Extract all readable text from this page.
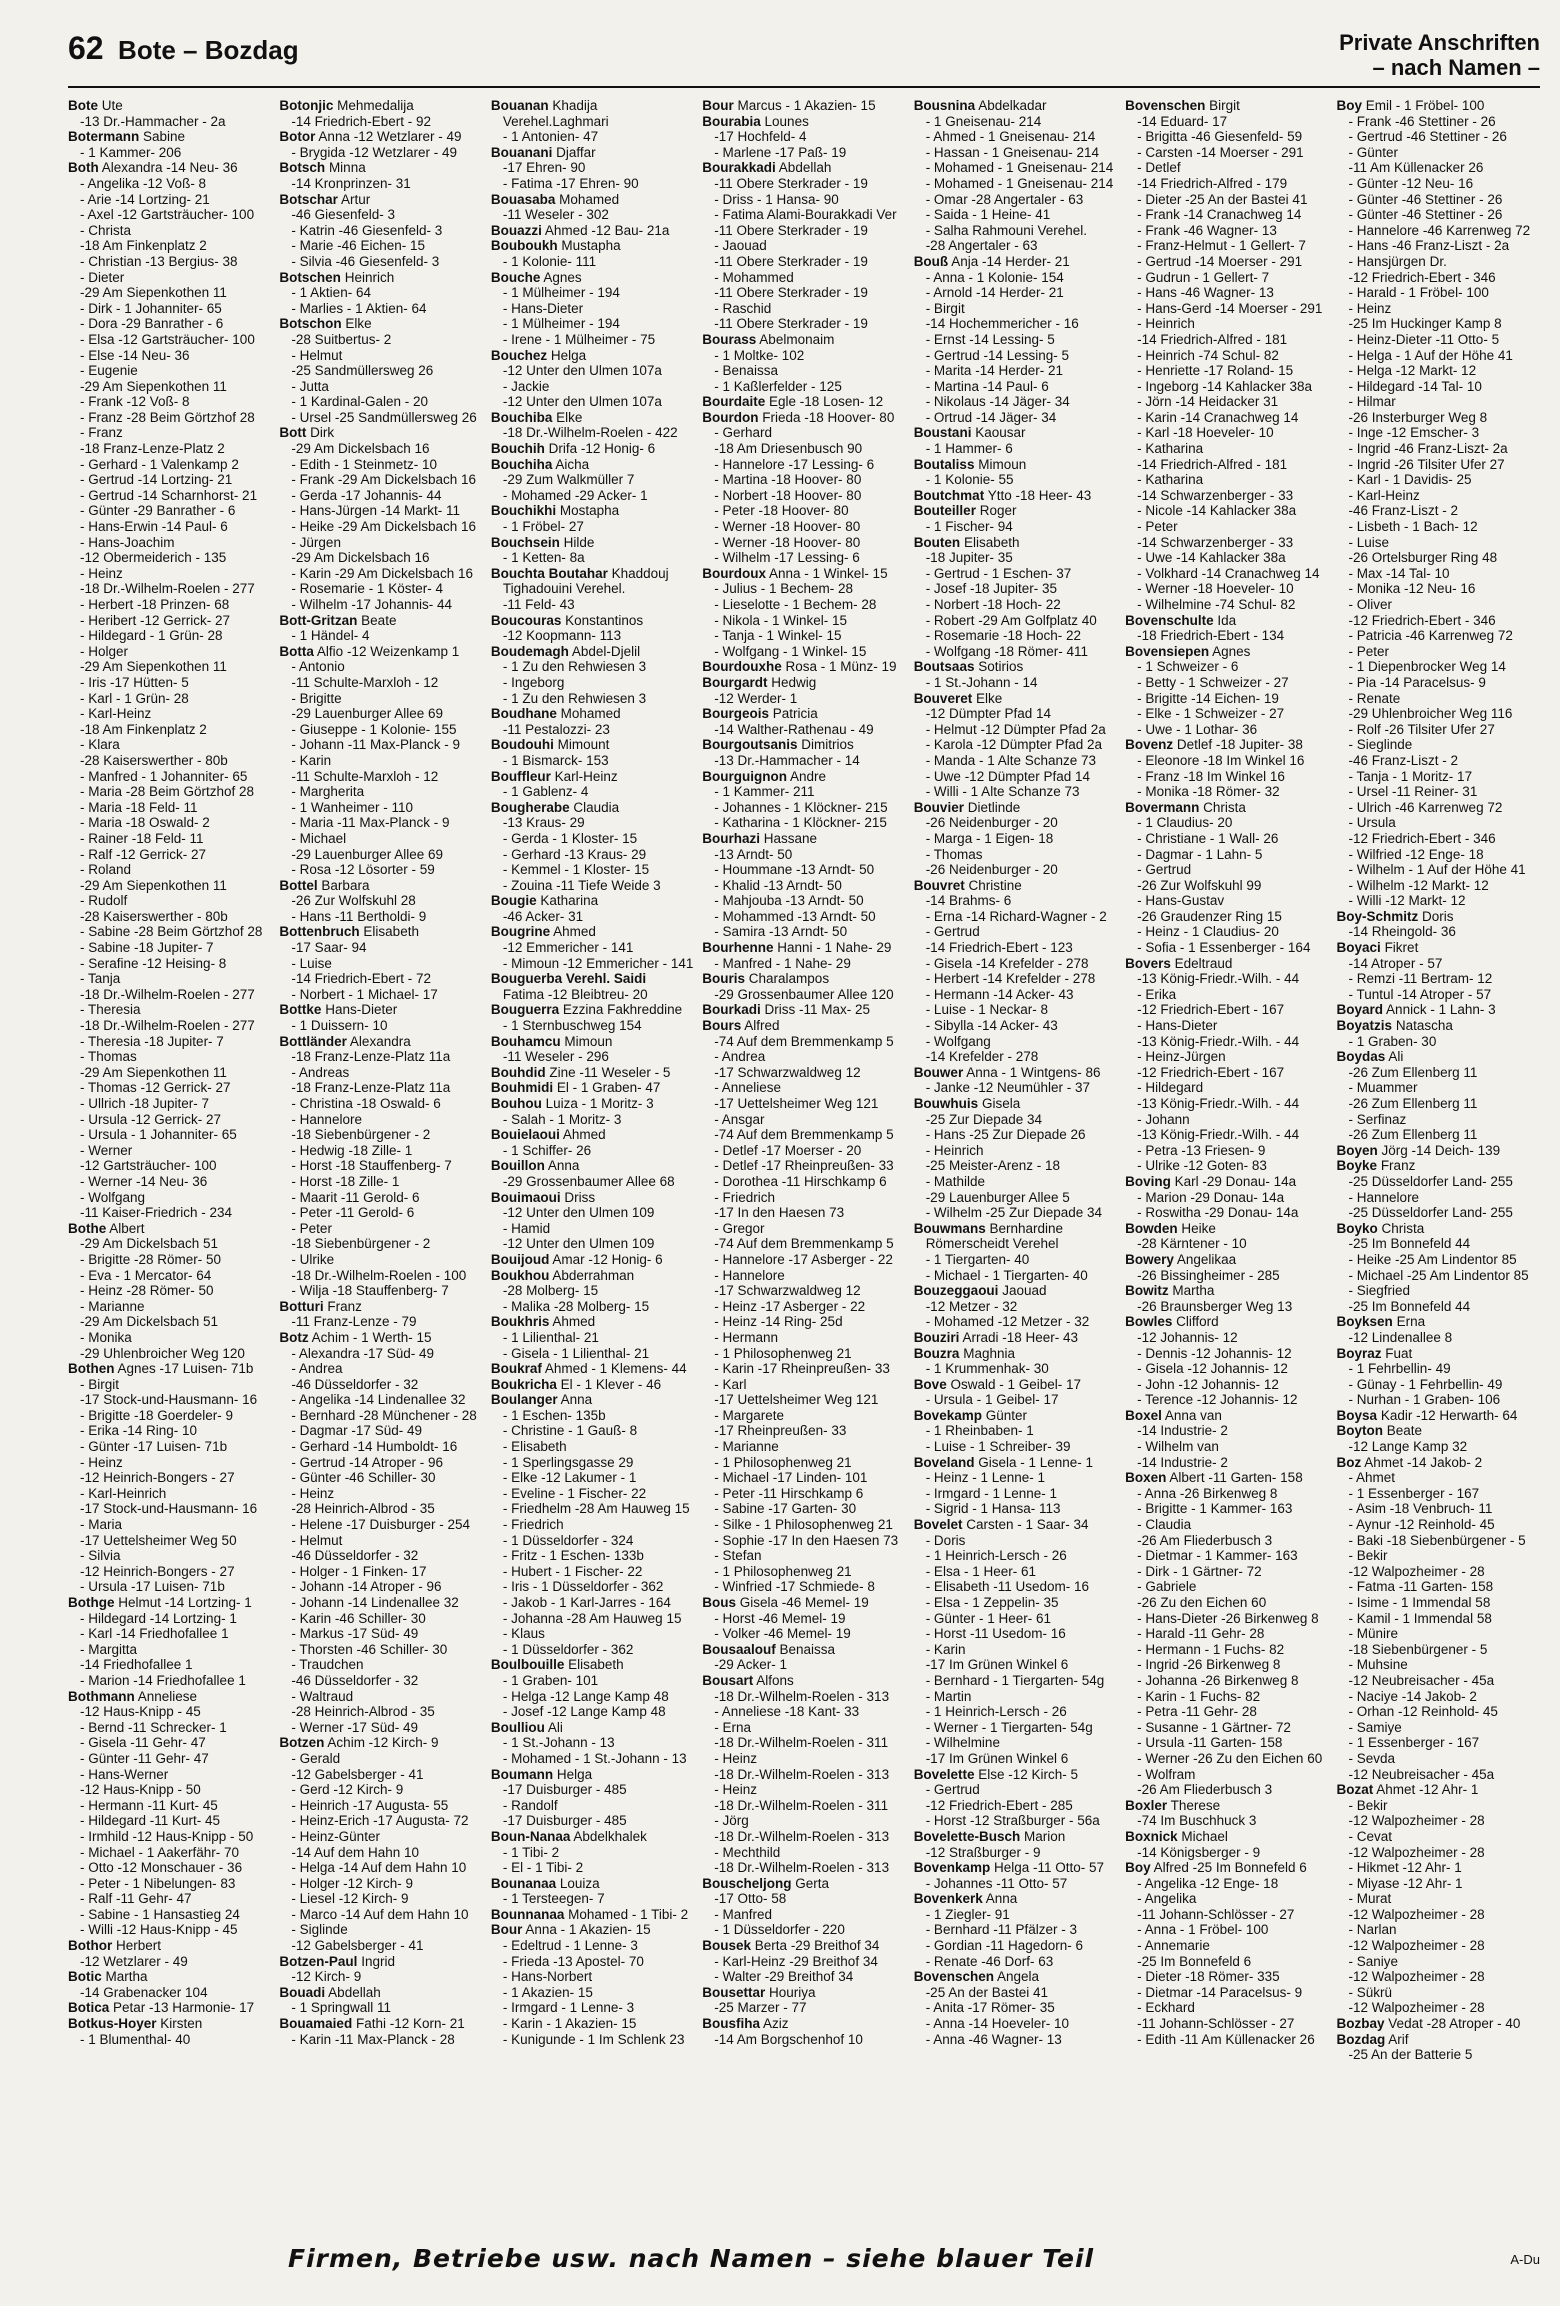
62 Bote – Bozdag	Private Anschriften
– nach Namen –
Bote Ute
-13 Dr.-Hammacher - 2a
Botermann Sabine
- 1 Kammer- 206
Both Alexandra -14 Neu- 36
- Angelika -12 Voß- 8
- Arie -14 Lortzing- 21
- Axel -12 Gartsträucher- 100
- Christa
-18 Am Finkenplatz 2
- Christian -13 Bergius- 38
- Dieter
-29 Am Siepenkothen 11
- Dirk - 1 Johanniter- 65
- Dora -29 Banrather - 6
- Elsa -12 Gartsträucher- 100
- Else -14 Neu- 36
- Eugenie
-29 Am Siepenkothen 11
- Frank -12 Voß- 8
- Franz -28 Beim Görtzhof 28
- Franz
-18 Franz-Lenze-Platz 2
- Gerhard - 1 Valenkamp 2
- Gertrud -14 Lortzing- 21
- Gertrud -14 Scharnhorst- 21
- Günter -29 Banrather - 6
- Hans-Erwin -14 Paul- 6
- Hans-Joachim
-12 Obermeiderich - 135
- Heinz
-18 Dr.-Wilhelm-Roelen - 277
- Herbert -18 Prinzen- 68
- Heribert -12 Gerrick- 27
- Hildegard - 1 Grün- 28
- Holger
-29 Am Siepenkothen 11
- Iris -17 Hütten- 5
- Karl - 1 Grün- 28
- Karl-Heinz
-18 Am Finkenplatz 2
- Klara
-28 Kaiserswerther - 80b
- Manfred - 1 Johanniter- 65
- Maria -28 Beim Görtzhof 28
- Maria -18 Feld- 11
- Maria -18 Oswald- 2
- Rainer -18 Feld- 11
- Ralf -12 Gerrick- 27
- Roland
-29 Am Siepenkothen 11
- Rudolf
-28 Kaiserswerther - 80b
- Sabine -28 Beim Görtzhof 28
- Sabine -18 Jupiter- 7
- Serafine -12 Heising- 8
- Tanja
-18 Dr.-Wilhelm-Roelen - 277
- Theresia
-18 Dr.-Wilhelm-Roelen - 277
- Theresia -18 Jupiter- 7
- Thomas
-29 Am Siepenkothen 11
- Thomas -12 Gerrick- 27
- Ullrich -18 Jupiter- 7
- Ursula -12 Gerrick- 27
- Ursula - 1 Johanniter- 65
- Werner
-12 Gartsträucher- 100
- Werner -14 Neu- 36
- Wolfgang
-11 Kaiser-Friedrich - 234
Bothe Albert
-29 Am Dickelsbach 51
- Brigitte -28 Römer- 50
- Eva - 1 Mercator- 64
- Heinz -28 Römer- 50
- Marianne
-29 Am Dickelsbach 51
- Monika
-29 Uhlenbroicher Weg 120
Bothen Agnes -17 Luisen- 71b
- Birgit
-17 Stock-und-Hausmann- 16
- Brigitte -18 Goerdeler- 9
- Erika -14 Ring- 10
- Günter -17 Luisen- 71b
- Heinz
-12 Heinrich-Bongers - 27
- Karl-Heinrich
-17 Stock-und-Hausmann- 16
- Maria
-17 Uettelsheimer Weg 50
- Silvia
-12 Heinrich-Bongers - 27
- Ursula -17 Luisen- 71b
Bothge Helmut -14 Lortzing- 1
- Hildegard -14 Lortzing- 1
- Karl -14 Friedhofallee 1
- Margitta
-14 Friedhofallee 1
- Marion -14 Friedhofallee 1
Bothmann Anneliese
-12 Haus-Knipp - 45
- Bernd -11 Schrecker- 1
- Gisela -11 Gehr- 47
- Günter -11 Gehr- 47
- Hans-Werner
-12 Haus-Knipp - 50
- Hermann -11 Kurt- 45
- Hildegard -11 Kurt- 45
- Irmhild -12 Haus-Knipp - 50
- Michael - 1 Aakerfähr- 70
- Otto -12 Monschauer - 36
- Peter - 1 Nibelungen- 83
- Ralf -11 Gehr- 47
- Sabine - 1 Hansastieg 24
- Willi -12 Haus-Knipp - 45
Bothor Herbert
-12 Wetzlarer - 49
Botic Martha
-14 Grabenacker 104
Botica Petar -13 Harmonie- 17
Botkus-Hoyer Kirsten
- 1 Blumenthal- 40
Botonjic Mehmedalija
-14 Friedrich-Ebert - 92
Botor Anna -12 Wetzlarer - 49
- Brygida -12 Wetzlarer - 49
Botsch Minna
-14 Kronprinzen- 31
Botschar Artur
-46 Giesenfeld- 3
- Katrin -46 Giesenfeld- 3
- Marie -46 Eichen- 15
- Silvia -46 Giesenfeld- 3
Botschen Heinrich
- 1 Aktien- 64
- Marlies - 1 Aktien- 64
Botschon Elke
-28 Suitbertus- 2
- Helmut
-25 Sandmüllersweg 26
- Jutta
- 1 Kardinal-Galen - 20
- Ursel -25 Sandmüllersweg 26
Bott Dirk
-29 Am Dickelsbach 16
- Edith - 1 Steinmetz- 10
- Frank -29 Am Dickelsbach 16
- Gerda -17 Johannis- 44
- Hans-Jürgen -14 Markt- 11
- Heike -29 Am Dickelsbach 16
- Jürgen
-29 Am Dickelsbach 16
- Karin -29 Am Dickelsbach 16
- Rosemarie - 1 Köster- 4
- Wilhelm -17 Johannis- 44
Bott-Gritzan Beate
- 1 Händel- 4
Botta Alfio -12 Weizenkamp 1
- Antonio
-11 Schulte-Marxloh - 12
- Brigitte
-29 Lauenburger Allee 69
- Giuseppe - 1 Kolonie- 155
- Johann -11 Max-Planck - 9
- Karin
-11 Schulte-Marxloh - 12
- Margherita
- 1 Wanheimer - 110
- Maria -11 Max-Planck - 9
- Michael
-29 Lauenburger Allee 69
- Rosa -12 Lösorter - 59
Bottel Barbara
-26 Zur Wolfskuhl 28
- Hans -11 Bertholdi- 9
Bottenbruch Elisabeth
-17 Saar- 94
- Luise
-14 Friedrich-Ebert - 72
- Norbert - 1 Michael- 17
Bottke Hans-Dieter
- 1 Duissern- 10
Bottländer Alexandra
-18 Franz-Lenze-Platz 11a
- Andreas
-18 Franz-Lenze-Platz 11a
- Christina -18 Oswald- 6
- Hannelore
-18 Siebenbürgener - 2
- Hedwig -18 Zille- 1
- Horst -18 Stauffenberg- 7
- Horst -18 Zille- 1
- Maarit -11 Gerold- 6
- Peter -11 Gerold- 6
- Peter
-18 Siebenbürgener - 2
- Ulrike
-18 Dr.-Wilhelm-Roelen - 100
- Wilja -18 Stauffenberg- 7
Botturi Franz
-11 Franz-Lenze - 79
Botz Achim - 1 Werth- 15
- Alexandra -17 Süd- 49
- Andrea
-46 Düsseldorfer - 32
- Angelika -14 Lindenallee 32
- Bernhard -28 Münchener - 28
- Dagmar -17 Süd- 49
- Gerhard -14 Humboldt- 16
- Gertrud -14 Atroper - 96
- Günter -46 Schiller- 30
- Heinz
-28 Heinrich-Albrod - 35
- Helene -17 Duisburger - 254
- Helmut
-46 Düsseldorfer - 32
- Holger - 1 Finken- 17
- Johann -14 Atroper - 96
- Johann -14 Lindenallee 32
- Karin -46 Schiller- 30
- Markus -17 Süd- 49
- Thorsten -46 Schiller- 30
- Traudchen
-46 Düsseldorfer - 32
- Waltraud
-28 Heinrich-Albrod - 35
- Werner -17 Süd- 49
Botzen Achim -12 Kirch- 9
- Gerald
-12 Gabelsberger - 41
- Gerd -12 Kirch- 9
- Heinrich -17 Augusta- 55
- Heinz-Erich -17 Augusta- 72
- Heinz-Günter
-14 Auf dem Hahn 10
- Helga -14 Auf dem Hahn 10
- Holger -12 Kirch- 9
- Liesel -12 Kirch- 9
- Marco -14 Auf dem Hahn 10
- Siglinde
-12 Gabelsberger - 41
Botzen-Paul Ingrid
-12 Kirch- 9
Bouadi Abdellah
- 1 Springwall 11
Bouamaied Fathi -12 Korn- 21
- Karin -11 Max-Planck - 28
Bouanan Khadija
Verehel.Laghmari
- 1 Antonien- 47
Bouanani Djaffar
-17 Ehren- 90
- Fatima -17 Ehren- 90
Bouasaba Mohamed
-11 Weseler - 302
Bouazzi Ahmed -12 Bau- 21a
Bouboukh Mustapha
- 1 Kolonie- 111
Bouche Agnes
- 1 Mülheimer - 194
- Hans-Dieter
- 1 Mülheimer - 194
- Irene - 1 Mülheimer - 75
Bouchez Helga
-12 Unter den Ulmen 107a
- Jackie
-12 Unter den Ulmen 107a
Bouchiba Elke
-18 Dr.-Wilhelm-Roelen - 422
Bouchih Drifa -12 Honig- 6
Bouchiha Aicha
-29 Zum Walkmüller 7
- Mohamed -29 Acker- 1
Bouchikhi Mostapha
- 1 Fröbel- 27
Bouchsein Hilde
- 1 Ketten- 8a
Bouchta Boutahar Khaddouj
Tighadouini Verehel.
-11 Feld- 43
Boucouras Konstantinos
-12 Koopmann- 113
Boudemagh Abdel-Djelil
- 1 Zu den Rehwiesen 3
- Ingeborg
- 1 Zu den Rehwiesen 3
Boudhane Mohamed
-11 Pestalozzi- 23
Boudouhi Mimount
- 1 Bismarck- 153
Bouffleur Karl-Heinz
- 1 Gablenz- 4
Bougherabe Claudia
-13 Kraus- 29
- Gerda - 1 Kloster- 15
- Gerhard -13 Kraus- 29
- Kemmel - 1 Kloster- 15
- Zouina -11 Tiefe Weide 3
Bougie Katharina
-46 Acker- 31
Bougrine Ahmed
-12 Emmericher - 141
- Mimoun -12 Emmericher - 141
Bouguerba Verehl. Saidi
Fatima -12 Bleibtreu- 20
Bouguerra Ezzina Fakhreddine
- 1 Sternbuschweg 154
Bouhamcu Mimoun
-11 Weseler - 296
Bouhdid Zine -11 Weseler - 5
Bouhmidi El - 1 Graben- 47
Bouhou Luiza - 1 Moritz- 3
- Salah - 1 Moritz- 3
Bouielaoui Ahmed
- 1 Schiffer- 26
Bouillon Anna
-29 Grossenbaumer Allee 68
Bouimaoui Driss
-12 Unter den Ulmen 109
- Hamid
-12 Unter den Ulmen 109
Bouijoud Amar -12 Honig- 6
Boukhou Abderrahman
-28 Molberg- 15
- Malika -28 Molberg- 15
Boukhris Ahmed
- 1 Lilienthal- 21
- Gisela - 1 Lilienthal- 21
Boukraf Ahmed - 1 Klemens- 44
Boukricha El - 1 Klever - 46
Boulanger Anna
- 1 Eschen- 135b
- Christine - 1 Gauß- 8
- Elisabeth
- 1 Sperlingsgasse 29
- Elke -12 Lakumer - 1
- Eveline - 1 Fischer- 22
- Friedhelm -28 Am Hauweg 15
- Friedrich
- 1 Düsseldorfer - 324
- Fritz - 1 Eschen- 133b
- Hubert - 1 Fischer- 22
- Iris - 1 Düsseldorfer - 362
- Jakob - 1 Karl-Jarres - 164
- Johanna -28 Am Hauweg 15
- Klaus
- 1 Düsseldorfer - 362
Boulbouille Elisabeth
- 1 Graben- 101
- Helga -12 Lange Kamp 48
- Josef -12 Lange Kamp 48
Boulliou Ali
- 1 St.-Johann - 13
- Mohamed - 1 St.-Johann - 13
Boumann Helga
-17 Duisburger - 485
- Randolf
-17 Duisburger - 485
Boun-Nanaa Abdelkhalek
- 1 Tibi- 2
- El - 1 Tibi- 2
Bounanaa Louiza
- 1 Tersteegen- 7
Bounnanaa Mohamed - 1 Tibi- 2
Bour Anna - 1 Akazien- 15
- Edeltrud - 1 Lenne- 3
- Frieda -13 Apostel- 70
- Hans-Norbert
- 1 Akazien- 15
- Irmgard - 1 Lenne- 3
- Karin - 1 Akazien- 15
- Kunigunde - 1 Im Schlenk 23
Bour Marcus - 1 Akazien- 15
Bourabia Lounes
-17 Hochfeld- 4
- Marlene -17 Paß- 19
Bourakkadi Abdellah
-11 Obere Sterkrader - 19
- Driss - 1 Hansa- 90
- Fatima Alami-Bourakkadi Ver
-11 Obere Sterkrader - 19
- Jaouad
-11 Obere Sterkrader - 19
- Mohammed
-11 Obere Sterkrader - 19
- Raschid
-11 Obere Sterkrader - 19
Bourass Abelmonaim
- 1 Moltke- 102
- Benaissa
- 1 Kaßlerfelder - 125
Bourdaite Egle -18 Losen- 12
Bourdon Frieda -18 Hoover- 80
- Gerhard
-18 Am Driesenbusch 90
- Hannelore -17 Lessing- 6
- Martina -18 Hoover- 80
- Norbert -18 Hoover- 80
- Peter -18 Hoover- 80
- Werner -18 Hoover- 80
- Werner -18 Hoover- 80
- Wilhelm -17 Lessing- 6
Bourdoux Anna - 1 Winkel- 15
- Julius - 1 Bechem- 28
- Lieselotte - 1 Bechem- 28
- Nikola - 1 Winkel- 15
- Tanja - 1 Winkel- 15
- Wolfgang - 1 Winkel- 15
Bourdouxhe Rosa - 1 Münz- 19
Bourgardt Hedwig
-12 Werder- 1
Bourgeois Patricia
-14 Walther-Rathenau - 49
Bourgoutsanis Dimitrios
-13 Dr.-Hammacher - 14
Bourguignon Andre
- 1 Kammer- 211
- Johannes - 1 Klöckner- 215
- Katharina - 1 Klöckner- 215
Bourhazi Hassane
-13 Arndt- 50
- Hoummane -13 Arndt- 50
- Khalid -13 Arndt- 50
- Mahjouba -13 Arndt- 50
- Mohammed -13 Arndt- 50
- Samira -13 Arndt- 50
Bourhenne Hanni - 1 Nahe- 29
- Manfred - 1 Nahe- 29
Bouris Charalampos
-29 Grossenbaumer Allee 120
Bourkadi Driss -11 Max- 25
Bours Alfred
-74 Auf dem Bremmenkamp 5
- Andrea
-17 Schwarzwaldweg 12
- Anneliese
-17 Uettelsheimer Weg 121
- Ansgar
-74 Auf dem Bremmenkamp 5
- Detlef -17 Moerser - 20
- Detlef -17 Rheinpreußen- 33
- Dorothea -11 Hirschkamp 6
- Friedrich
-17 In den Haesen 73
- Gregor
-74 Auf dem Bremmenkamp 5
- Hannelore -17 Asberger - 22
- Hannelore
-17 Schwarzwaldweg 12
- Heinz -17 Asberger - 22
- Heinz -14 Ring- 25d
- Hermann
- 1 Philosophenweg 21
- Karin -17 Rheinpreußen- 33
- Karl
-17 Uettelsheimer Weg 121
- Margarete
-17 Rheinpreußen- 33
- Marianne
- 1 Philosophenweg 21
- Michael -17 Linden- 101
- Peter -11 Hirschkamp 6
- Sabine -17 Garten- 30
- Silke - 1 Philosophenweg 21
- Sophie -17 In den Haesen 73
- Stefan
- 1 Philosophenweg 21
- Winfried -17 Schmiede- 8
Bous Gisela -46 Memel- 19
- Horst -46 Memel- 19
- Volker -46 Memel- 19
Bousaalouf Benaissa
-29 Acker- 1
Bousart Alfons
-18 Dr.-Wilhelm-Roelen - 313
- Anneliese -18 Kant- 33
- Erna
-18 Dr.-Wilhelm-Roelen - 311
- Heinz
-18 Dr.-Wilhelm-Roelen - 313
- Heinz
-18 Dr.-Wilhelm-Roelen - 311
- Jörg
-18 Dr.-Wilhelm-Roelen - 313
- Mechthild
-18 Dr.-Wilhelm-Roelen - 313
Bouscheljong Gerta
-17 Otto- 58
- Manfred
- 1 Düsseldorfer - 220
Bousek Berta -29 Breithof 34
- Karl-Heinz -29 Breithof 34
- Walter -29 Breithof 34
Bousettar Houriya
-25 Marzer - 77
Bousfiha Aziz
-14 Am Borgschenhof 10
Bousnina Abdelkadar
- 1 Gneisenau- 214
- Ahmed - 1 Gneisenau- 214
- Hassan - 1 Gneisenau- 214
- Mohamed - 1 Gneisenau- 214
- Mohamed - 1 Gneisenau- 214
- Omar -28 Angertaler - 63
- Saida - 1 Heine- 41
- Salha Rahmouni Verehel.
-28 Angertaler - 63
Bouß Anja -14 Herder- 21
- Anna - 1 Kolonie- 154
- Arnold -14 Herder- 21
- Birgit
-14 Hochemmericher - 16
- Ernst -14 Lessing- 5
- Gertrud -14 Lessing- 5
- Marita -14 Herder- 21
- Martina -14 Paul- 6
- Nikolaus -14 Jäger- 34
- Ortrud -14 Jäger- 34
Boustani Kaousar
- 1 Hammer- 6
Boutaliss Mimoun
- 1 Kolonie- 55
Boutchmat Ytto -18 Heer- 43
Bouteiller Roger
- 1 Fischer- 94
Bouten Elisabeth
-18 Jupiter- 35
- Gertrud - 1 Eschen- 37
- Josef -18 Jupiter- 35
- Norbert -18 Hoch- 22
- Robert -29 Am Golfplatz 40
- Rosemarie -18 Hoch- 22
- Wolfgang -18 Römer- 411
Boutsaas Sotirios
- 1 St.-Johann - 14
Bouveret Elke
-12 Dümpter Pfad 14
- Helmut -12 Dümpter Pfad 2a
- Karola -12 Dümpter Pfad 2a
- Manda - 1 Alte Schanze 73
- Uwe -12 Dümpter Pfad 14
- Willi - 1 Alte Schanze 73
Bouvier Dietlinde
-26 Neidenburger - 20
- Marga - 1 Eigen- 18
- Thomas
-26 Neidenburger - 20
Bouvret Christine
-14 Brahms- 6
- Erna -14 Richard-Wagner - 2
- Gertrud
-14 Friedrich-Ebert - 123
- Gisela -14 Krefelder - 278
- Herbert -14 Krefelder - 278
- Hermann -14 Acker- 43
- Luise - 1 Neckar- 8
- Sibylla -14 Acker- 43
- Wolfgang
-14 Krefelder - 278
Bouwer Anna - 1 Wintgens- 86
- Janke -12 Neumühler - 37
Bouwhuis Gisela
-25 Zur Diepade 34
- Hans -25 Zur Diepade 26
- Heinrich
-25 Meister-Arenz - 18
- Mathilde
-29 Lauenburger Allee 5
- Wilhelm -25 Zur Diepade 34
Bouwmans Bernhardine
Römerscheidt Verehel
- 1 Tiergarten- 40
- Michael - 1 Tiergarten- 40
Bouzeggaoui Jaouad
-12 Metzer - 32
- Mohamed -12 Metzer - 32
Bouziri Arradi -18 Heer- 43
Bouzra Maghnia
- 1 Krummenhak- 30
Bove Oswald - 1 Geibel- 17
- Ursula - 1 Geibel- 17
Bovekamp Günter
- 1 Rheinbaben- 1
- Luise - 1 Schreiber- 39
Boveland Gisela - 1 Lenne- 1
- Heinz - 1 Lenne- 1
- Irmgard - 1 Lenne- 1
- Sigrid - 1 Hansa- 113
Bovelet Carsten - 1 Saar- 34
- Doris
- 1 Heinrich-Lersch - 26
- Elsa - 1 Heer- 61
- Elisabeth -11 Usedom- 16
- Elsa - 1 Zeppelin- 35
- Günter - 1 Heer- 61
- Horst -11 Usedom- 16
- Karin
-17 Im Grünen Winkel 6
- Bernhard - 1 Tiergarten- 54g
- Martin
- 1 Heinrich-Lersch - 26
- Werner - 1 Tiergarten- 54g
- Wilhelmine
-17 Im Grünen Winkel 6
Bovelette Else -12 Kirch- 5
- Gertrud
-12 Friedrich-Ebert - 285
- Horst -12 Straßburger - 56a
Bovelette-Busch Marion
-12 Straßburger - 9
Bovenkamp Helga -11 Otto- 57
- Johannes -11 Otto- 57
Bovenkerk Anna
- 1 Ziegler- 91
- Bernhard -11 Pfälzer - 3
- Gordian -11 Hagedorn- 6
- Renate -46 Dorf- 63
Bovenschen Angela
-25 An der Bastei 41
- Anita -17 Römer- 35
- Anna -14 Hoeveler- 10
- Anna -46 Wagner- 13
Bovenschen Birgit
-14 Eduard- 17
- Brigitta -46 Giesenfeld- 59
- Carsten -14 Moerser - 291
- Detlef
-14 Friedrich-Alfred - 179
- Dieter -25 An der Bastei 41
- Frank -14 Cranachweg 14
- Frank -46 Wagner- 13
- Franz-Helmut - 1 Gellert- 7
- Gertrud -14 Moerser - 291
- Gudrun - 1 Gellert- 7
- Hans -46 Wagner- 13
- Hans-Gerd -14 Moerser - 291
- Heinrich
-14 Friedrich-Alfred - 181
- Heinrich -74 Schul- 82
- Henriette -17 Roland- 15
- Ingeborg -14 Kahlacker 38a
- Jörn -14 Heidacker 31
- Karin -14 Cranachweg 14
- Karl -18 Hoeveler- 10
- Katharina
-14 Friedrich-Alfred - 181
- Katharina
-14 Schwarzenberger - 33
- Nicole -14 Kahlacker 38a
- Peter
-14 Schwarzenberger - 33
- Uwe -14 Kahlacker 38a
- Volkhard -14 Cranachweg 14
- Werner -18 Hoeveler- 10
- Wilhelmine -74 Schul- 82
Bovenschulte Ida
-18 Friedrich-Ebert - 134
Bovensiepen Agnes
- 1 Schweizer - 6
- Betty - 1 Schweizer - 27
- Brigitte -14 Eichen- 19
- Elke - 1 Schweizer - 27
- Uwe - 1 Lothar- 36
Bovenz Detlef -18 Jupiter- 38
- Eleonore -18 Im Winkel 16
- Franz -18 Im Winkel 16
- Monika -18 Römer- 32
Bovermann Christa
- 1 Claudius- 20
- Christiane - 1 Wall- 26
- Dagmar - 1 Lahn- 5
- Gertrud
-26 Zur Wolfskuhl 99
- Hans-Gustav
-26 Graudenzer Ring 15
- Heinz - 1 Claudius- 20
- Sofia - 1 Essenberger - 164
Bovers Edeltraud
-13 König-Friedr.-Wilh. - 44
- Erika
-12 Friedrich-Ebert - 167
- Hans-Dieter
-13 König-Friedr.-Wilh. - 44
- Heinz-Jürgen
-12 Friedrich-Ebert - 167
- Hildegard
-13 König-Friedr.-Wilh. - 44
- Johann
-13 König-Friedr.-Wilh. - 44
- Petra -13 Friesen- 9
- Ulrike -12 Goten- 83
Boving Karl -29 Donau- 14a
- Marion -29 Donau- 14a
- Roswitha -29 Donau- 14a
Bowden Heike
-28 Kärntener - 10
Bowery Angelikaa
-26 Bissingheimer - 285
Bowitz Martha
-26 Braunsberger Weg 13
Bowles Clifford
-12 Johannis- 12
- Dennis -12 Johannis- 12
- Gisela -12 Johannis- 12
- John -12 Johannis- 12
- Terence -12 Johannis- 12
Boxel Anna van
-14 Industrie- 2
- Wilhelm van
-14 Industrie- 2
Boxen Albert -11 Garten- 158
- Anna -26 Birkenweg 8
- Brigitte - 1 Kammer- 163
- Claudia
-26 Am Fliederbusch 3
- Dietmar - 1 Kammer- 163
- Dirk - 1 Gärtner- 72
- Gabriele
-26 Zu den Eichen 60
- Hans-Dieter -26 Birkenweg 8
- Harald -11 Gehr- 28
- Hermann - 1 Fuchs- 82
- Ingrid -26 Birkenweg 8
- Johanna -26 Birkenweg 8
- Karin - 1 Fuchs- 82
- Petra -11 Gehr- 28
- Susanne - 1 Gärtner- 72
- Ursula -11 Garten- 158
- Werner -26 Zu den Eichen 60
- Wolfram
-26 Am Fliederbusch 3
Boxler Therese
-74 Im Buschhuck 3
Boxnick Michael
-14 Königsberger - 9
Boy Alfred -25 Im Bonnefeld 6
- Angelika -12 Enge- 18
- Angelika
-11 Johann-Schlösser - 27
- Anna - 1 Fröbel- 100
- Annemarie
-25 Im Bonnefeld 6
- Dieter -18 Römer- 335
- Dietmar -14 Paracelsus- 9
- Eckhard
-11 Johann-Schlösser - 27
- Edith -11 Am Küllenacker 26
Boy Emil - 1 Fröbel- 100
- Frank -46 Stettiner - 26
- Gertrud -46 Stettiner - 26
- Günter
-11 Am Küllenacker 26
- Günter -12 Neu- 16
- Günter -46 Stettiner - 26
- Günter -46 Stettiner - 26
- Hannelore -46 Karrenweg 72
- Hans -46 Franz-Liszt - 2a
- Hansjürgen Dr.
-12 Friedrich-Ebert - 346
- Harald - 1 Fröbel- 100
- Heinz
-25 Im Huckinger Kamp 8
- Heinz-Dieter -11 Otto- 5
- Helga - 1 Auf der Höhe 41
- Helga -12 Markt- 12
- Hildegard -14 Tal- 10
- Hilmar
-26 Insterburger Weg 8
- Inge -12 Emscher- 3
- Ingrid -46 Franz-Liszt- 2a
- Ingrid -26 Tilsiter Ufer 27
- Karl - 1 Davidis- 25
- Karl-Heinz
-46 Franz-Liszt - 2
- Lisbeth - 1 Bach- 12
- Luise
-26 Ortelsburger Ring 48
- Max -14 Tal- 10
- Monika -12 Neu- 16
- Oliver
-12 Friedrich-Ebert - 346
- Patricia -46 Karrenweg 72
- Peter
- 1 Diepenbrocker Weg 14
- Pia -14 Paracelsus- 9
- Renate
-29 Uhlenbroicher Weg 116
- Rolf -26 Tilsiter Ufer 27
- Sieglinde
-46 Franz-Liszt - 2
- Tanja - 1 Moritz- 17
- Ursel -11 Reiner- 31
- Ulrich -46 Karrenweg 72
- Ursula
-12 Friedrich-Ebert - 346
- Wilfried -12 Enge- 18
- Wilhelm - 1 Auf der Höhe 41
- Wilhelm -12 Markt- 12
- Willi -12 Markt- 12
Boy-Schmitz Doris
-14 Rheingold- 36
Boyaci Fikret
-14 Atroper - 57
- Remzi -11 Bertram- 12
- Tuntul -14 Atroper - 57
Boyard Annick - 1 Lahn- 3
Boyatzis Natascha
- 1 Graben- 30
Boydas Ali
-26 Zum Ellenberg 11
- Muammer
-26 Zum Ellenberg 11
- Serfinaz
-26 Zum Ellenberg 11
Boyen Jörg -14 Deich- 139
Boyke Franz
-25 Düsseldorfer Land- 255
- Hannelore
-25 Düsseldorfer Land- 255
Boyko Christa
-25 Im Bonnefeld 44
- Heike -25 Am Lindentor 85
- Michael -25 Am Lindentor 85
- Siegfried
-25 Im Bonnefeld 44
Boyksen Erna
-12 Lindenallee 8
Boyraz Fuat
- 1 Fehrbellin- 49
- Günay - 1 Fehrbellin- 49
- Nurhan - 1 Graben- 106
Boysa Kadir -12 Herwarth- 64
Boyton Beate
-12 Lange Kamp 32
Boz Ahmet -14 Jakob- 2
- Ahmet
- 1 Essenberger - 167
- Asim -18 Venbruch- 11
- Aynur -12 Reinhold- 45
- Baki -18 Siebenbürgener - 5
- Bekir
-12 Walpozheimer - 28
- Fatma -11 Garten- 158
- Isime - 1 Immendal 58
- Kamil - 1 Immendal 58
- Münire
-18 Siebenbürgener - 5
- Muhsine
-12 Neubreisacher - 45a
- Naciye -14 Jakob- 2
- Orhan -12 Reinhold- 45
- Samiye
- 1 Essenberger - 167
- Sevda
-12 Neubreisacher - 45a
Bozat Ahmet -12 Ahr- 1
- Bekir
-12 Walpozheimer - 28
- Cevat
-12 Walpozheimer - 28
- Hikmet -12 Ahr- 1
- Miyase -12 Ahr- 1
- Murat
-12 Walpozheimer - 28
- Narlan
-12 Walpozheimer - 28
- Saniye
-12 Walpozheimer - 28
- Sükrü
-12 Walpozheimer - 28
Bozbay Vedat -28 Atroper - 40
Bozdag Arif
-25 An der Batterie 5
Firmen, Betriebe usw. nach Namen – siehe blauer Teil	A-Du
